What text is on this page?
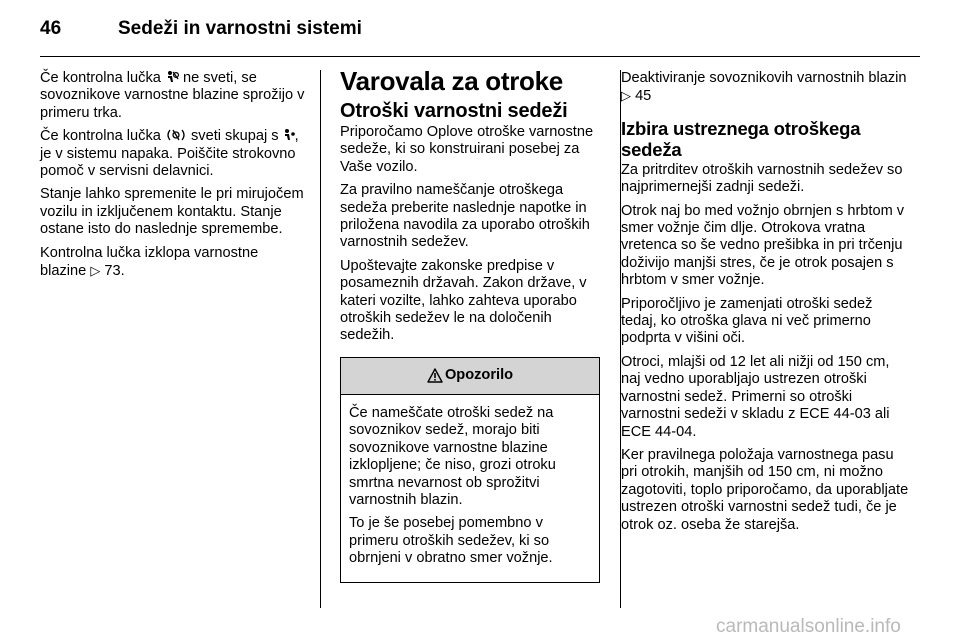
46	Sedeži in varnostni sistemi

Če kontrolna lučka ne sveti, se sovoznikove varnostne blazine sprožijo v primeru trka.

Če kontrolna lučka sveti skupaj s , je v sistemu napaka. Poiščite strokovno pomoč v servisni delavnici.

Stanje lahko spremenite le pri mirujočem vozilu in izključenem kontaktu. Stanje ostane isto do naslednje spremembe.

Kontrolna lučka izklopa varnostne blazine ▷ 73.

Varovala za otroke
Otroški varnostni sedeži

Priporočamo Oplove otroške varnostne sedeže, ki so konstruirani posebej za Vaše vozilo.

Za pravilno nameščanje otroškega sedeža preberite naslednje napotke in priložena navodila za uporabo otroških varnostnih sedežev.

Upoštevajte zakonske predpise v posameznih državah. Zakon države, v kateri vozilte, lahko zahteva uporabo otroških sedežev le na določenih sedežih.

Opozorilo

Če nameščate otroški sedež na sovoznikov sedež, morajo biti sovoznikove varnostne blazine izklopljene; če niso, grozi otroku smrtna nevarnost ob sprožitvi varnostnih blazin.

To je še posebej pomembno v primeru otroških sedežev, ki so obrnjeni v obratno smer vožnje.

Deaktiviranje sovoznikovih varnostnih blazin ▷ 45

Izbira ustreznega otroškega sedeža

Za pritrditev otroških varnostnih sedežev so najprimernejši zadnji sedeži.

Otrok naj bo med vožnjo obrnjen s hrbtom v smer vožnje čim dlje. Otrokova vratna vretenca so še vedno prešibka in pri trčenju doživijo manjši stres, če je otrok posajen s hrbtom v smer vožnje.

Priporočljivo je zamenjati otroški sedež tedaj, ko otroška glava ni več primerno podprta v višini oči.

Otroci, mlajši od 12 let ali nižji od 150 cm, naj vedno uporabljajo ustrezen otroški varnostni sedež. Primerni so otroški varnostni sedeži v skladu z ECE 44-03 ali ECE 44-04.

Ker pravilnega položaja varnostnega pasu pri otrokih, manjših od 150 cm, ni možno zagotoviti, toplo priporočamo, da uporabljate ustrezen otroški varnostni sedež tudi, če je otrok oz. oseba že starejša.

carmanualsonline.info
